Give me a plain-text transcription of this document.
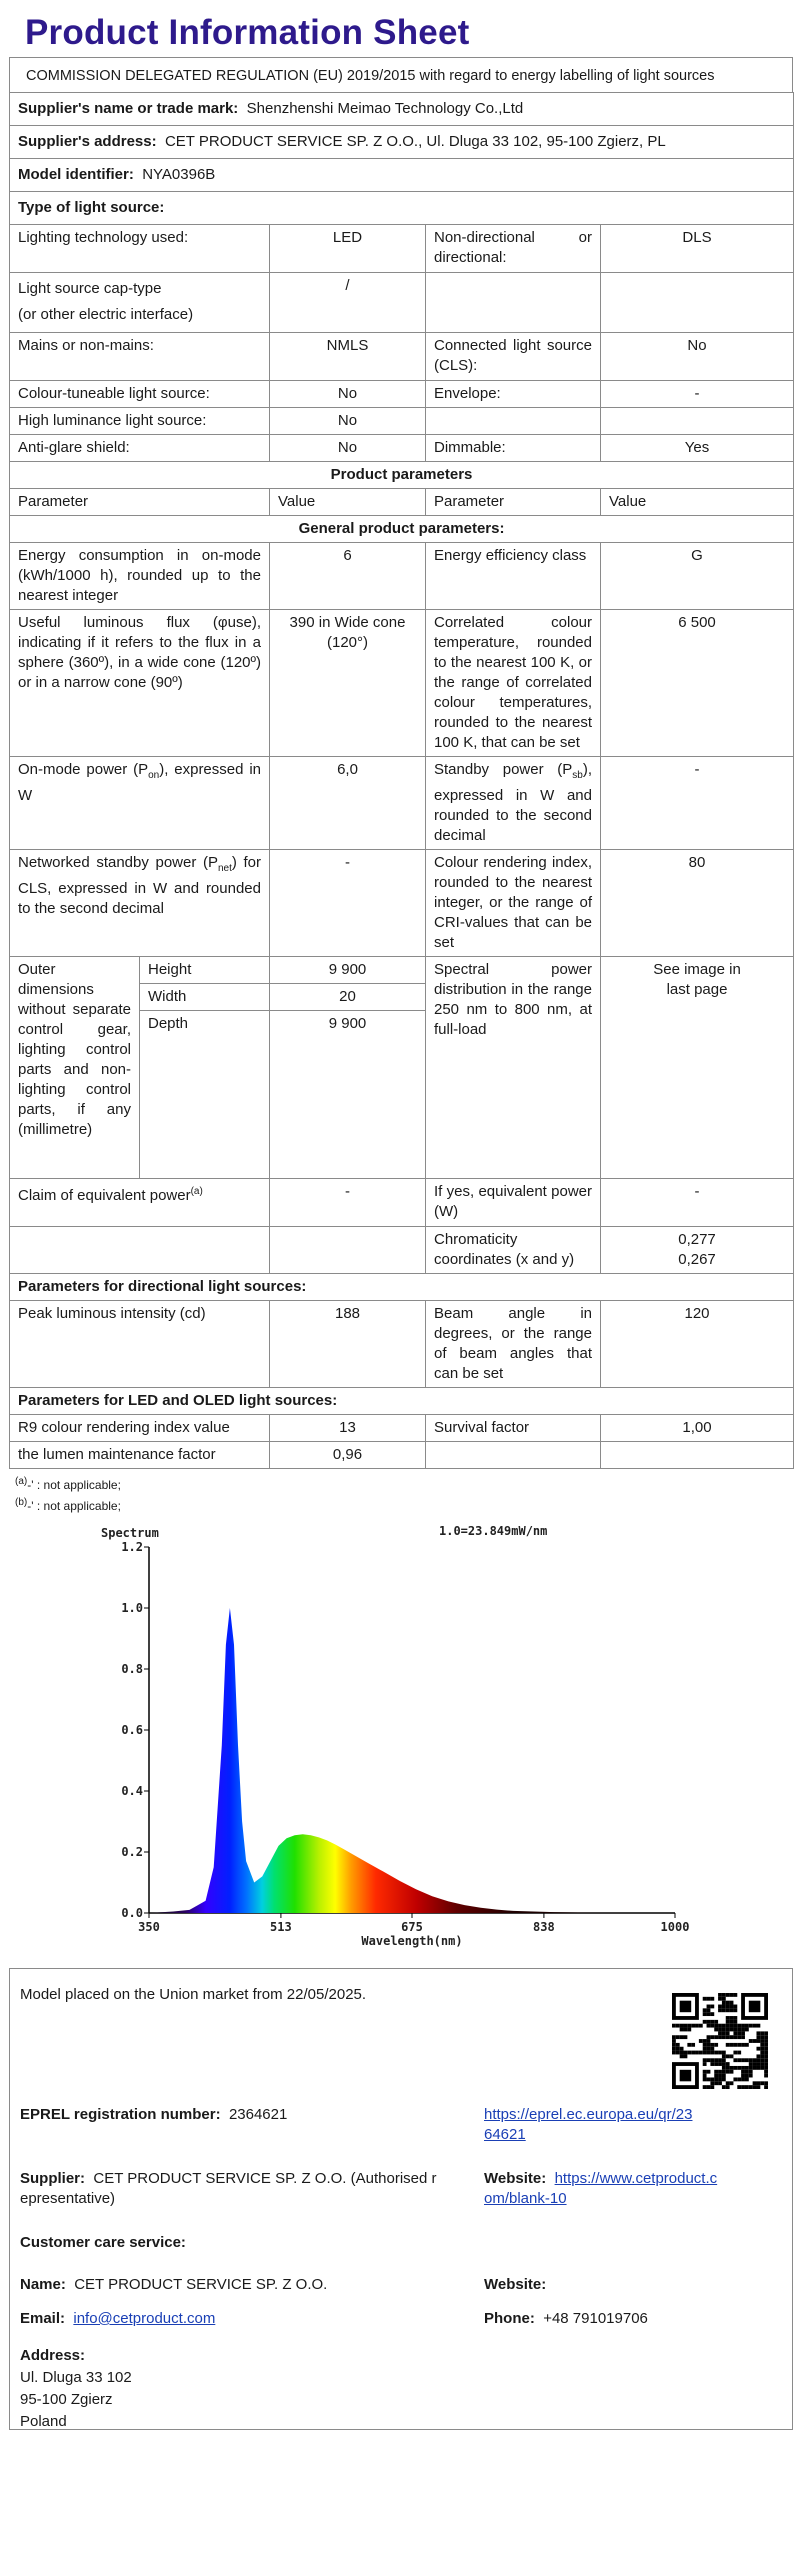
Product Information Sheet
COMMISSION DELEGATED REGULATION (EU) 2019/2015 with regard to energy labelling of light sources
Supplier's name or trade mark: Shenzhenshi Meimao Technology Co.,Ltd				
Supplier's address: CET PRODUCT SERVICE SP. Z O.O., Ul. Dluga 33 102, 95-100 Zgierz, PL				
Model identifier: NYA0396B				
Type of light source:				
Lighting technology used:		LED	Non-directional or directional:	DLS

Light source cap-type
(or other electric interface)		/		
Mains or non-mains:		NMLS	Connected light source (CLS):	No
Colour-tuneable light source:		No	Envelope:	-
High luminance light source:		No		
Anti-glare shield:		No	Dimmable:	Yes
Product parameters				
Parameter		Value	Parameter	Value
General product parameters:				
Energy consumption in on-mode (kWh/1000 h), rounded up to the nearest integer		6	Energy efficiency class	G
Useful luminous flux (φuse), indicating if it refers to the flux in a sphere (360º), in a wide cone (120º) or in a narrow cone (90º)		390 in Wide cone (120°)	Correlated colour temperature, rounded to the nearest 100 K, or the range of correlated colour temperatures, rounded to the nearest 100 K, that can be set	6 500
On-mode power $(P_{on})$, expressed in W		6,0	Standby power $(P_{sb})$, expressed in W and rounded to the second decimal	-
Networked standby power $(P_{net})$ for CLS, expressed in W and rounded to the second decimal		-	Colour rendering index, rounded to the nearest integer, or the range of CRI-values that can be set	80
Outer dimensions without separate control gear, lighting control parts and non-lighting control parts, if any (millimetre)	Height	9 900	Spectral power distribution in the range 250 nm to 800 nm, at full-load	See image in last page
	Width	20		
	Depth	9 900		
Claim of equivalent power$^{(a)}$		-	If yes, equivalent power (W)	-
			Chromaticity coordinates (x and y)	0,277
0,267

Parameters for directional light sources:				
Peak luminous intensity (cd)		188	Beam angle in degrees, or the range of beam angles that can be set	120
Parameters for LED and OLED light sources:				
R9 colour rendering index value		13	Survival factor	1,00
the lumen maintenance factor		0,96		
$^{(a)}$-' : not applicable;
$^{(b)}$-' : not applicable;
0.0
0.2
0.4
0.6
0.8
1.0
1.2
350	513	675	838	1000
Spectrum	1.0=23.849mW/nm
Wavelength(nm)
Model placed on the Union market from 22/05/2025.
EPREL registration number: 2364621	https://eprel.ec.europa.eu/qr/23
64621
Supplier: CET PRODUCT SERVICE SP. Z O.O. (Authorised r
epresentative)
Website: https://www.cetproduct.c
om/blank-10
Customer care service:
Name: CET PRODUCT SERVICE SP. Z O.O.	Website:
Email: info@cetproduct.com	Phone: +48 791019706
Address:
Ul. Dluga 33 102
95-100 Zgierz
Poland
